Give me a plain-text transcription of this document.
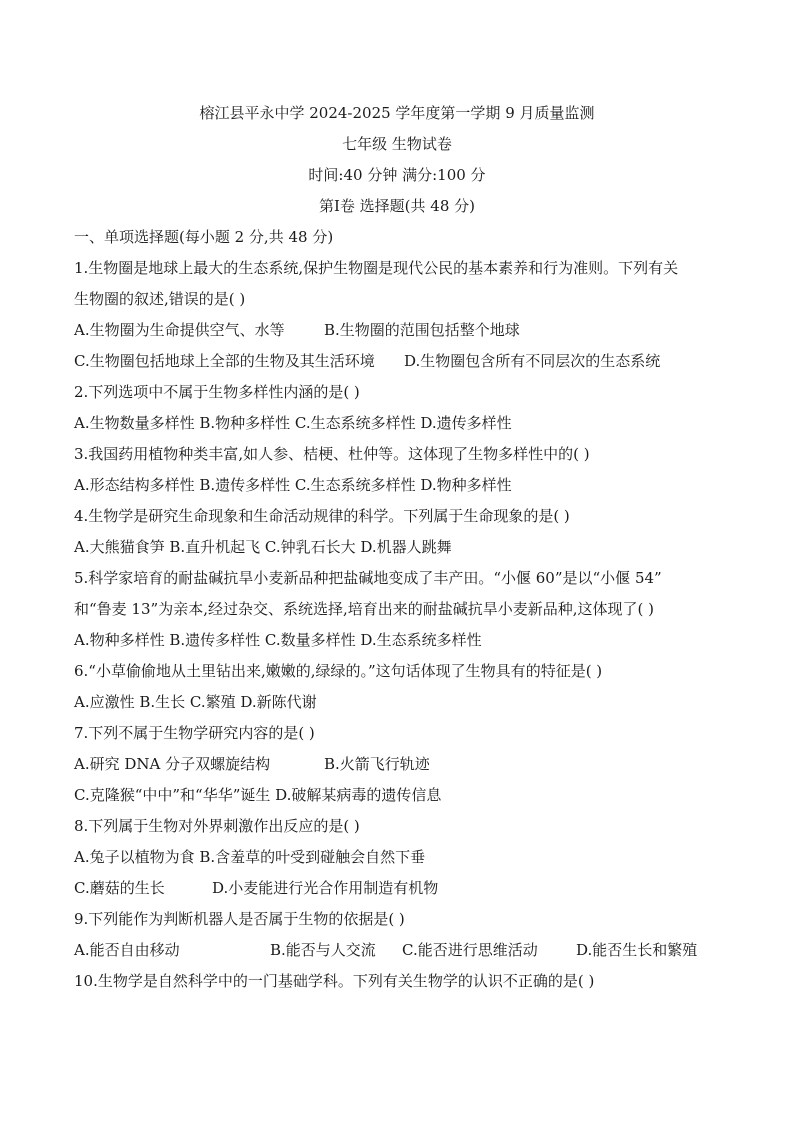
榕江县平永中学 2024-2025 学年度第一学期 9 月质量监测
七年级 生物试卷
时间:40 分钟 满分:100 分
第Ⅰ卷 选择题(共 48 分)
一、单项选择题(每小题 2 分,共 48 分)
1.生物圈是地球上最大的生态系统,保护生物圈是现代公民的基本素养和行为准则。下列有关
生物圈的叙述,错误的是( )
A.生物圈为生命提供空气、水等	B.生物圈的范围包括整个地球
C.生物圈包括地球上全部的生物及其生活环境 D.生物圈包含所有不同层次的生态系统
2.下列选项中不属于生物多样性内涵的是( )
A.生物数量多样性 B.物种多样性 C.生态系统多样性 D.遗传多样性
3.我国药用植物种类丰富,如人参、桔梗、杜仲等。这体现了生物多样性中的( )
A.形态结构多样性 B.遗传多样性 C.生态系统多样性 D.物种多样性
4.生物学是研究生命现象和生命活动规律的科学。下列属于生命现象的是( )
A.大熊猫食笋 B.直升机起飞 C.钟乳石长大 D.机器人跳舞
5.科学家培育的耐盐碱抗旱小麦新品种把盐碱地变成了丰产田。“小偃 60”是以“小偃 54”
和“鲁麦 13”为亲本,经过杂交、系统选择,培育出来的耐盐碱抗旱小麦新品种,这体现了( )
A.物种多样性 B.遗传多样性 C.数量多样性 D.生态系统多样性
6.“小草偷偷地从土里钻出来,嫩嫩的,绿绿的。”这句话体现了生物具有的特征是( )
A.应激性 B.生长 C.繁殖 D.新陈代谢
7.下列不属于生物学研究内容的是( )
A.研究 DNA 分子双螺旋结构	B.火箭飞行轨迹
C.克隆猴“中中”和“华华”诞生 D.破解某病毒的遗传信息
8.下列属于生物对外界刺激作出反应的是( )
A.兔子以植物为食 B.含羞草的叶受到碰触会自然下垂
C.蘑菇的生长	D.小麦能进行光合作用制造有机物
9.下列能作为判断机器人是否属于生物的依据是( )
A.能否自由移动	B.能否与人交流 C.能否进行思维活动	D.能否生长和繁殖
10.生物学是自然科学中的一门基础学科。下列有关生物学的认识不正确的是( )
